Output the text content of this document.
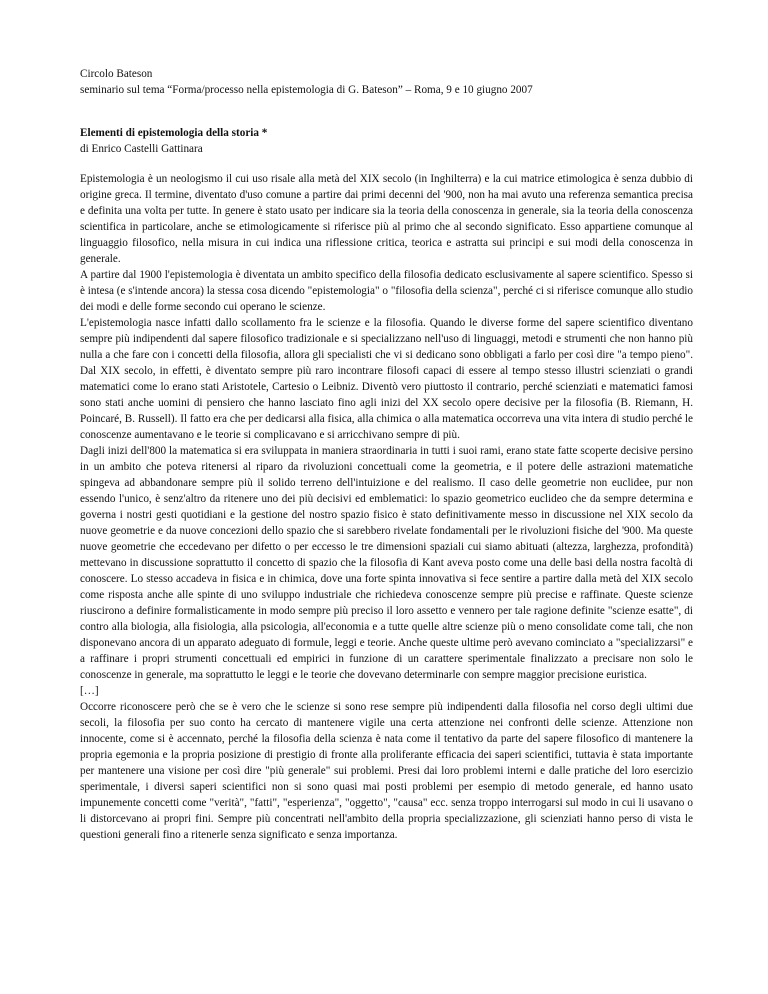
Circolo Bateson
seminario sul tema “Forma/processo nella epistemologia di G. Bateson” – Roma, 9 e 10 giugno 2007
Elementi di epistemologia della storia *
di Enrico Castelli Gattinara

Epistemologia è un neologismo il cui uso risale alla metà del XIX secolo (in Inghilterra) e la cui matrice etimologica è senza dubbio di origine greca. Il termine, diventato d'uso comune a partire dai primi decenni del '900, non ha mai avuto una referenza semantica precisa e definita una volta per tutte. In genere è stato usato per indicare sia la teoria della conoscenza in generale, sia la teoria della conoscenza scientifica in particolare, anche se etimologicamente si riferisce più al primo che al secondo significato. Esso appartiene comunque al linguaggio filosofico, nella misura in cui indica una riflessione critica, teorica e astratta sui principi e sui modi della conoscenza in generale.

A partire dal 1900 l'epistemologia è diventata un ambito specifico della filosofia dedicato esclusivamente al sapere scientifico. Spesso si è intesa (e s'intende ancora) la stessa cosa dicendo "epistemologia" o "filosofia della scienza", perché ci si riferisce comunque allo studio dei modi e delle forme secondo cui operano le scienze.

L'epistemologia nasce infatti dallo scollamento fra le scienze e la filosofia. Quando le diverse forme del sapere scientifico diventano sempre più indipendenti dal sapere filosofico tradizionale e si specializzano nell'uso di linguaggi, metodi e strumenti che non hanno più nulla a che fare con i concetti della filosofia, allora gli specialisti che vi si dedicano sono obbligati a farlo per così dire "a tempo pieno". Dal XIX secolo, in effetti, è diventato sempre più raro incontrare filosofi capaci di essere al tempo stesso illustri scienziati o grandi matematici come lo erano stati Aristotele, Cartesio o Leibniz. Diventò vero piuttosto il contrario, perché scienziati e matematici famosi sono stati anche uomini di pensiero che hanno lasciato fino agli inizi del XX secolo opere decisive per la filosofia (B. Riemann, H. Poincaré, B. Russell). Il fatto era che per dedicarsi alla fisica, alla chimica o alla matematica occorreva una vita intera di studio perché le conoscenze aumentavano e le teorie si complicavano e si arricchivano sempre di più.

Dagli inizi dell'800 la matematica si era sviluppata in maniera straordinaria in tutti i suoi rami, erano state fatte scoperte decisive persino in un ambito che poteva ritenersi al riparo da rivoluzioni concettuali come la geometria, e il potere delle astrazioni matematiche spingeva ad abbandonare sempre più il solido terreno dell'intuizione e del realismo. Il caso delle geometrie non euclidee, pur non essendo l'unico, è senz'altro da ritenere uno dei più decisivi ed emblematici: lo spazio geometrico euclideo che da sempre determina e governa i nostri gesti quotidiani e la gestione del nostro spazio fisico è stato definitivamente messo in discussione nel XIX secolo da nuove geometrie e da nuove concezioni dello spazio che si sarebbero rivelate fondamentali per le rivoluzioni fisiche del '900. Ma queste nuove geometrie che eccedevano per difetto o per eccesso le tre dimensioni spaziali cui siamo abituati (altezza, larghezza, profondità) mettevano in discussione soprattutto il concetto di spazio che la filosofia di Kant aveva posto come una delle basi della nostra facoltà di conoscere. Lo stesso accadeva in fisica e in chimica, dove una forte spinta innovativa si fece sentire a partire dalla metà del XIX secolo come risposta anche alle spinte di uno sviluppo industriale che richiedeva conoscenze sempre più precise e raffinate. Queste scienze riuscirono a definire formalisticamente in modo sempre più preciso il loro assetto e vennero per tale ragione definite "scienze esatte", di contro alla biologia, alla fisiologia, alla psicologia, all'economia e a tutte quelle altre scienze più o meno consolidate come tali, che non disponevano ancora di un apparato adeguato di formule, leggi e teorie. Anche queste ultime però avevano cominciato a "specializzarsi" e a raffinare i propri strumenti concettuali ed empirici in funzione di un carattere sperimentale finalizzato a precisare non solo le conoscenze in generale, ma soprattutto le leggi e le teorie che dovevano determinarle con sempre maggior precisione euristica.

[…]

Occorre riconoscere però che se è vero che le scienze si sono rese sempre più indipendenti dalla filosofia nel corso degli ultimi due secoli, la filosofia per suo conto ha cercato di mantenere vigile una certa attenzione nei confronti delle scienze. Attenzione non innocente, come si è accennato, perché la filosofia della scienza è nata come il tentativo da parte del sapere filosofico di mantenere la propria egemonia e la propria posizione di prestigio di fronte alla proliferante efficacia dei saperi scientifici, tuttavia è stata importante per mantenere una visione per così dire "più generale" sui problemi. Presi dai loro problemi interni e dalle pratiche del loro esercizio sperimentale, i diversi saperi scientifici non si sono quasi mai posti problemi per esempio di metodo generale, ed hanno usato impunemente concetti come "verità", "fatti", "esperienza", "oggetto", "causa" ecc. senza troppo interrogarsi sul modo in cui li usavano o li distorcevano ai propri fini. Sempre più concentrati nell'ambito della propria specializzazione, gli scienziati hanno perso di vista le questioni generali fino a ritenerle senza significato e senza importanza.
